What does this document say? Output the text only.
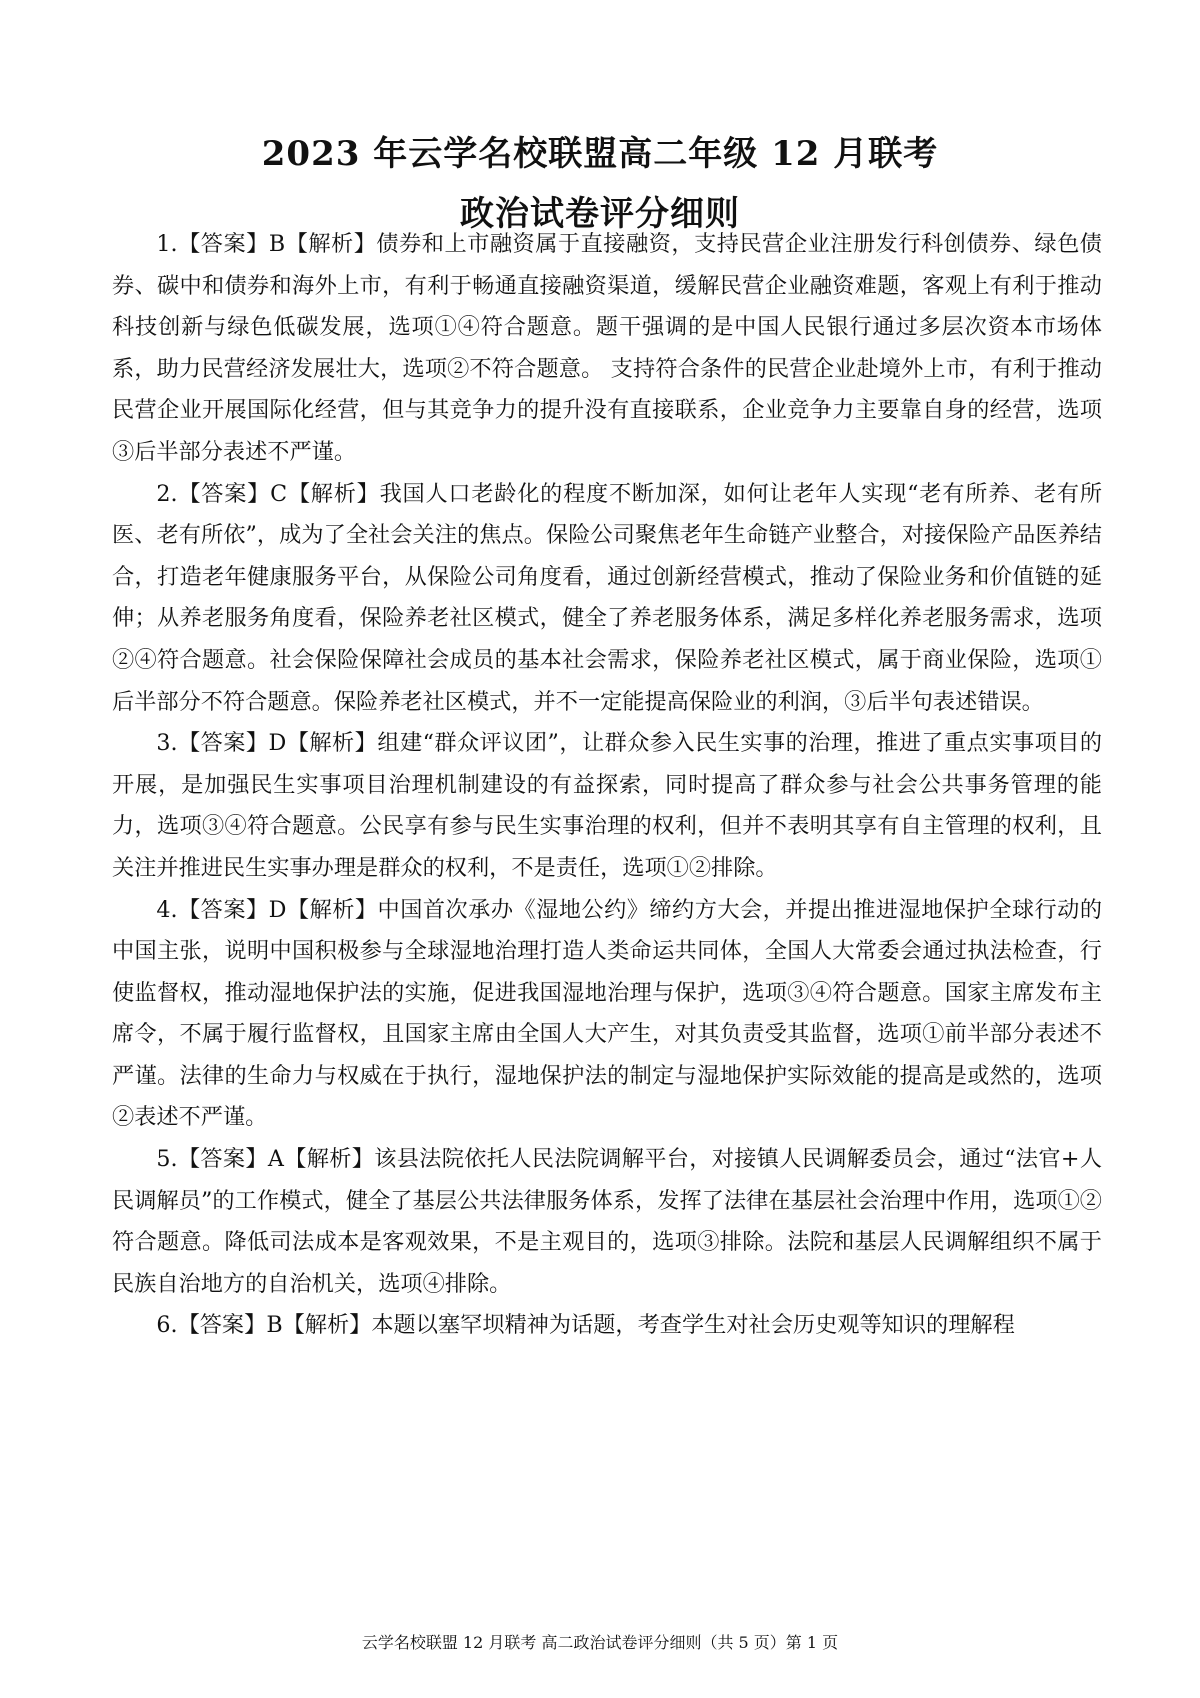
2023 年云学名校联盟高二年级 12 月联考
政治试卷评分细则

1.【答案】B【解析】债券和上市融资属于直接融资，支持民营企业注册发行科创债券、绿色债券、碳中和债券和海外上市，有利于畅通直接融资渠道，缓解民营企业融资难题，客观上有利于推动科技创新与绿色低碳发展，选项①④符合题意。题干强调的是中国人民银行通过多层次资本市场体系，助力民营经济发展壮大，选项②不符合题意。 支持符合条件的民营企业赴境外上市，有利于推动民营企业开展国际化经营，但与其竞争力的提升没有直接联系，企业竞争力主要靠自身的经营，选项③后半部分表述不严谨。

2.【答案】C【解析】我国人口老龄化的程度不断加深，如何让老年人实现“老有所养、老有所医、老有所依”，成为了全社会关注的焦点。保险公司聚焦老年生命链产业整合，对接保险产品医养结合，打造老年健康服务平台，从保险公司角度看，通过创新经营模式，推动了保险业务和价值链的延伸；从养老服务角度看，保险养老社区模式，健全了养老服务体系，满足多样化养老服务需求，选项②④符合题意。社会保险保障社会成员的基本社会需求，保险养老社区模式，属于商业保险，选项①后半部分不符合题意。保险养老社区模式，并不一定能提高保险业的利润，③后半句表述错误。

3.【答案】D【解析】组建“群众评议团”，让群众参入民生实事的治理，推进了重点实事项目的开展，是加强民生实事项目治理机制建设的有益探索，同时提高了群众参与社会公共事务管理的能力，选项③④符合题意。公民享有参与民生实事治理的权利，但并不表明其享有自主管理的权利，且关注并推进民生实事办理是群众的权利，不是责任，选项①②排除。

4.【答案】D【解析】中国首次承办《湿地公约》缔约方大会，并提出推进湿地保护全球行动的中国主张，说明中国积极参与全球湿地治理打造人类命运共同体，全国人大常委会通过执法检查，行使监督权，推动湿地保护法的实施，促进我国湿地治理与保护，选项③④符合题意。国家主席发布主席令，不属于履行监督权，且国家主席由全国人大产生，对其负责受其监督，选项①前半部分表述不严谨。法律的生命力与权威在于执行，湿地保护法的制定与湿地保护实际效能的提高是或然的，选项②表述不严谨。

5.【答案】A【解析】该县法院依托人民法院调解平台，对接镇人民调解委员会，通过“法官+人民调解员”的工作模式，健全了基层公共法律服务体系，发挥了法律在基层社会治理中作用，选项①②符合题意。降低司法成本是客观效果，不是主观目的，选项③排除。法院和基层人民调解组织不属于民族自治地方的自治机关，选项④排除。

6.【答案】B【解析】本题以塞罕坝精神为话题，考查学生对社会历史观等知识的理解程

云学名校联盟 12 月联考 高二政治试卷评分细则（共 5 页）第 1 页
